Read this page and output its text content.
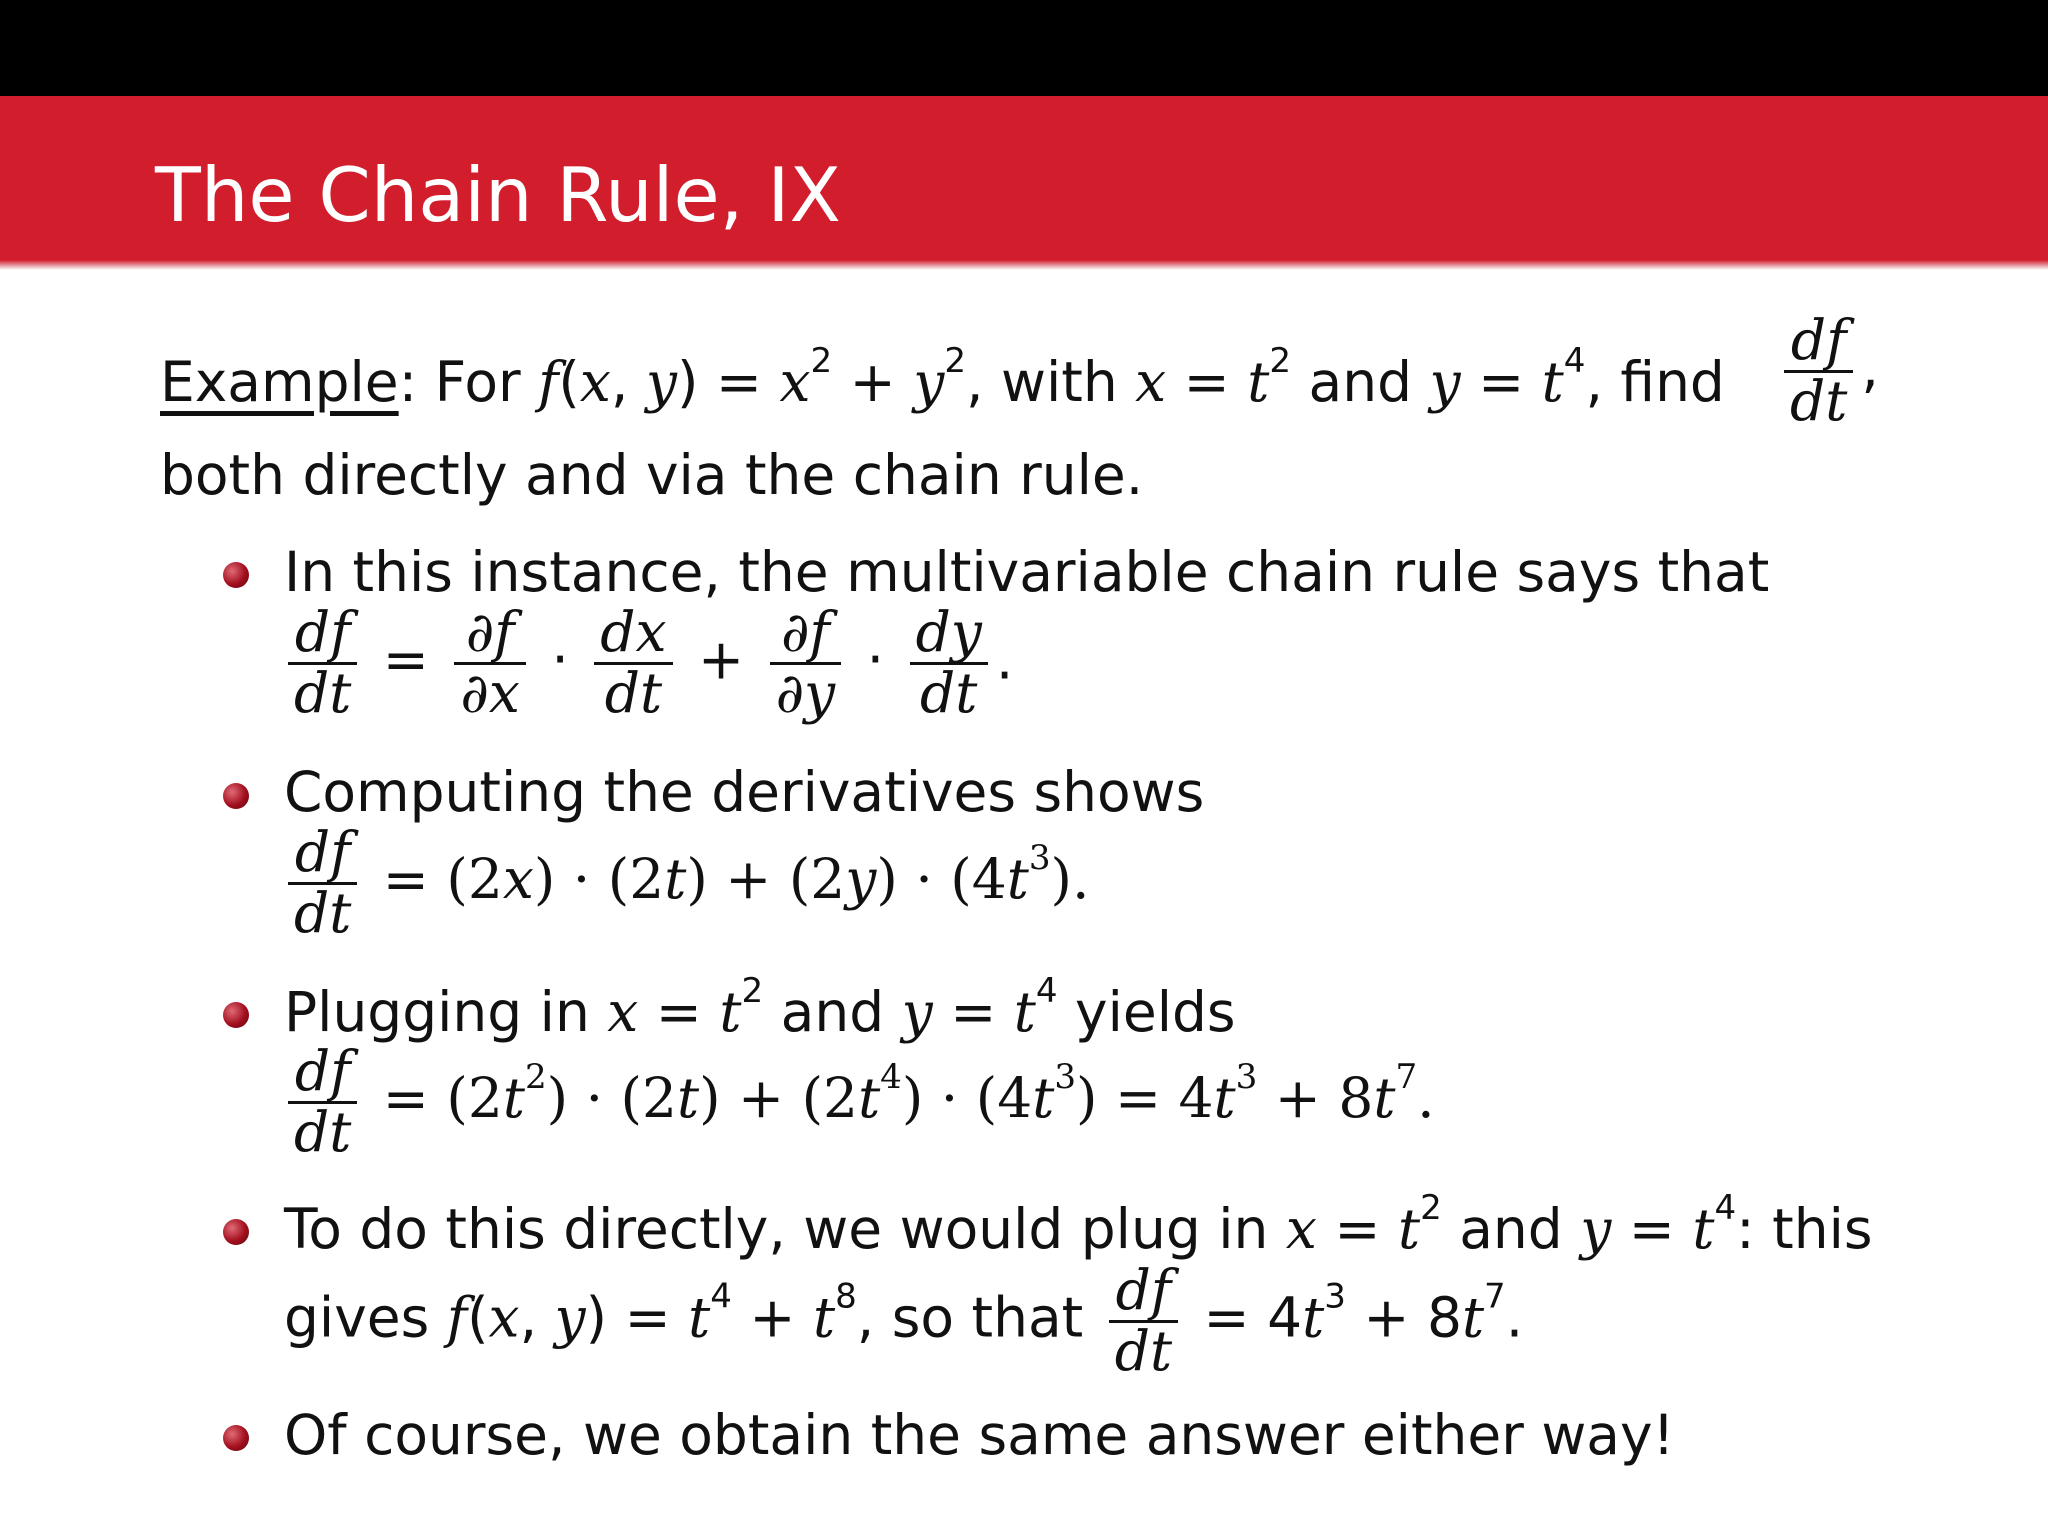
The Chain Rule, IX
Example: For f(x, $y) = x^2 + y^2$, with $x = t^2$ and $y = t^4$, find $\frac{df}{dt}$ ,
both directly and via the chain rule.
In this instance, the multivariable chain rule says that
$\frac{df}{dt} = \frac{\partial f}{\partial x} \cdot \frac{dx}{dt} + \frac{\partial f}{\partial y} \cdot \frac{dy}{dt}$ .
Computing the derivatives shows
$\frac{df}{dt} = (2x) \cdot (2t) + (2y) \cdot (4t^3)$.
Plugging in $x = t^2$ and $y = t^4$ yields
$\frac{df}{dt} = (2t^2) \cdot (2t) + (2t^4) \cdot (4t^3) = 4t^3 + 8t^7$.
To do this directly, we would plug in $x = t^2$ and $y = t^4$: this
gives f(x, $y) = t^4 + t^8$, so that $\frac{df}{dt} = 4t^3 + 8t^7$.
Of course, we obtain the same answer either way!
